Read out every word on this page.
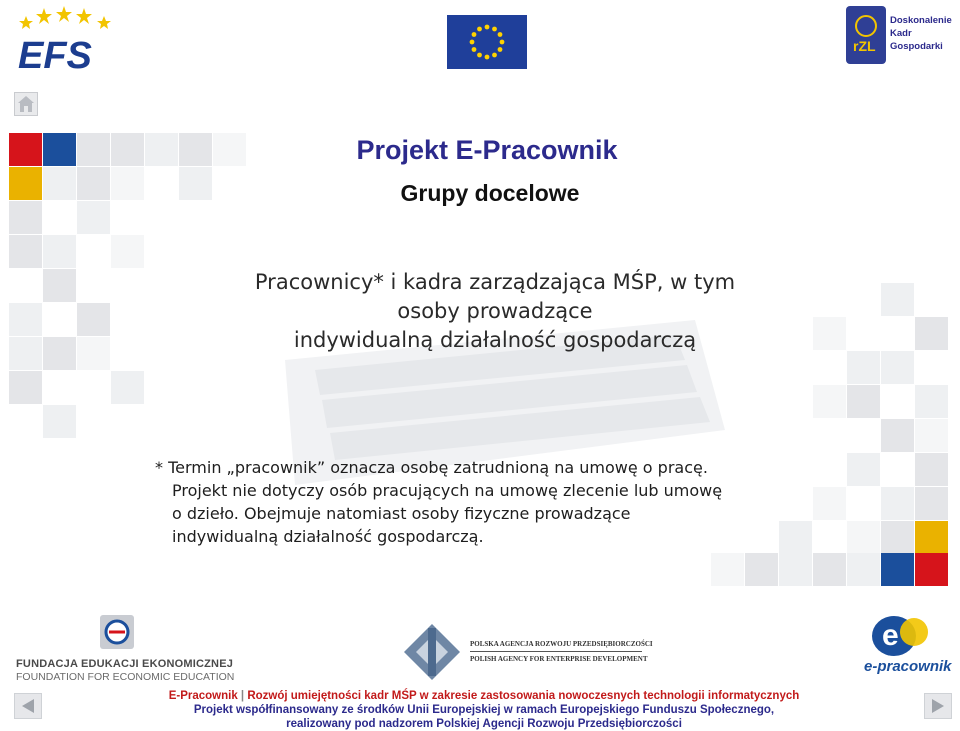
EFS	rZL
Doskonalenie
Kadr
Gospodarki
Projekt E-Pracownik
Grupy docelowe
Pracownicy* i kadra zarządzająca MŚP, w tym
osoby prowadzące
indywidualną działalność gospodarczą
* Termin „pracownik” oznacza osobę zatrudnioną na umowę o pracę.
Projekt nie dotyczy osób pracujących na umowę zlecenie lub umowę
o dzieło. Obejmuje natomiast osoby fizyczne prowadzące
indywidualną działalność gospodarczą.
FUNDACJA EDUKACJI EKONOMICZNEJ
FOUNDATION FOR ECONOMIC EDUCATION
POLSKA AGENCJA ROZWOJU PRZEDSIĘBIORCZOŚCI
POLISH AGENCY FOR ENTERPRISE DEVELOPMENT
e
e-pracownik
E-Pracownik | Rozwój umiejętności kadr MŚP w zakresie zastosowania nowoczesnych technologii informatycznych
Projekt współfinansowany ze środków Unii Europejskiej w ramach Europejskiego Funduszu Społecznego,
realizowany pod nadzorem Polskiej Agencji Rozwoju Przedsiębiorczości
